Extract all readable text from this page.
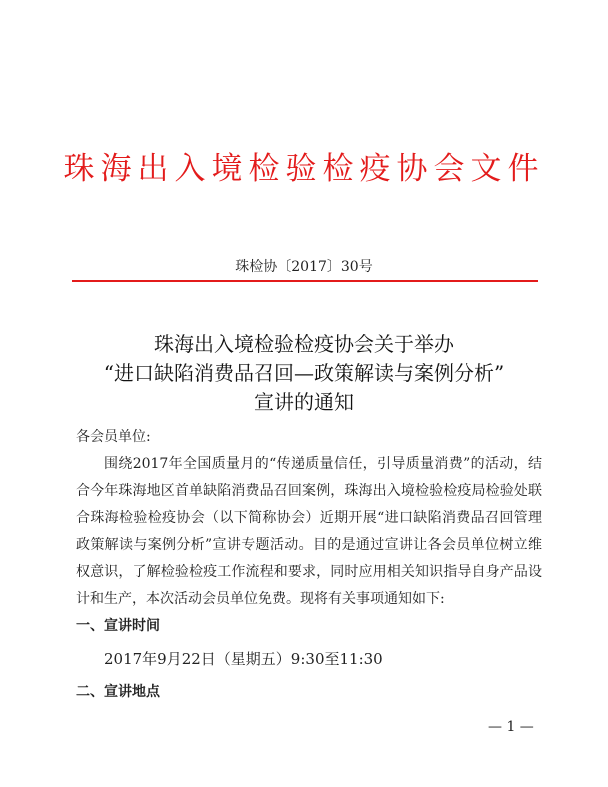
珠海出入境检验检疫协会文件
珠检协〔2017〕30号
珠海出入境检验检疫协会关于举办
“进口缺陷消费品召回—政策解读与案例分析”
宣讲的通知

各会员单位:

围绕2017年全国质量月的“传递质量信任，引导质量消费”的活动，结合今年珠海地区首单缺陷消费品召回案例，珠海出入境检验检疫局检验处联合珠海检验检疫协会（以下简称协会）近期开展“进口缺陷消费品召回管理政策解读与案例分析”宣讲专题活动。目的是通过宣讲让各会员单位树立维权意识，了解检验检疫工作流程和要求，同时应用相关知识指导自身产品设计和生产，本次活动会员单位免费。现将有关事项通知如下:

一、宣讲时间

2017年9月22日（星期五）9:30至11:30

二、宣讲地点

— 1 —
